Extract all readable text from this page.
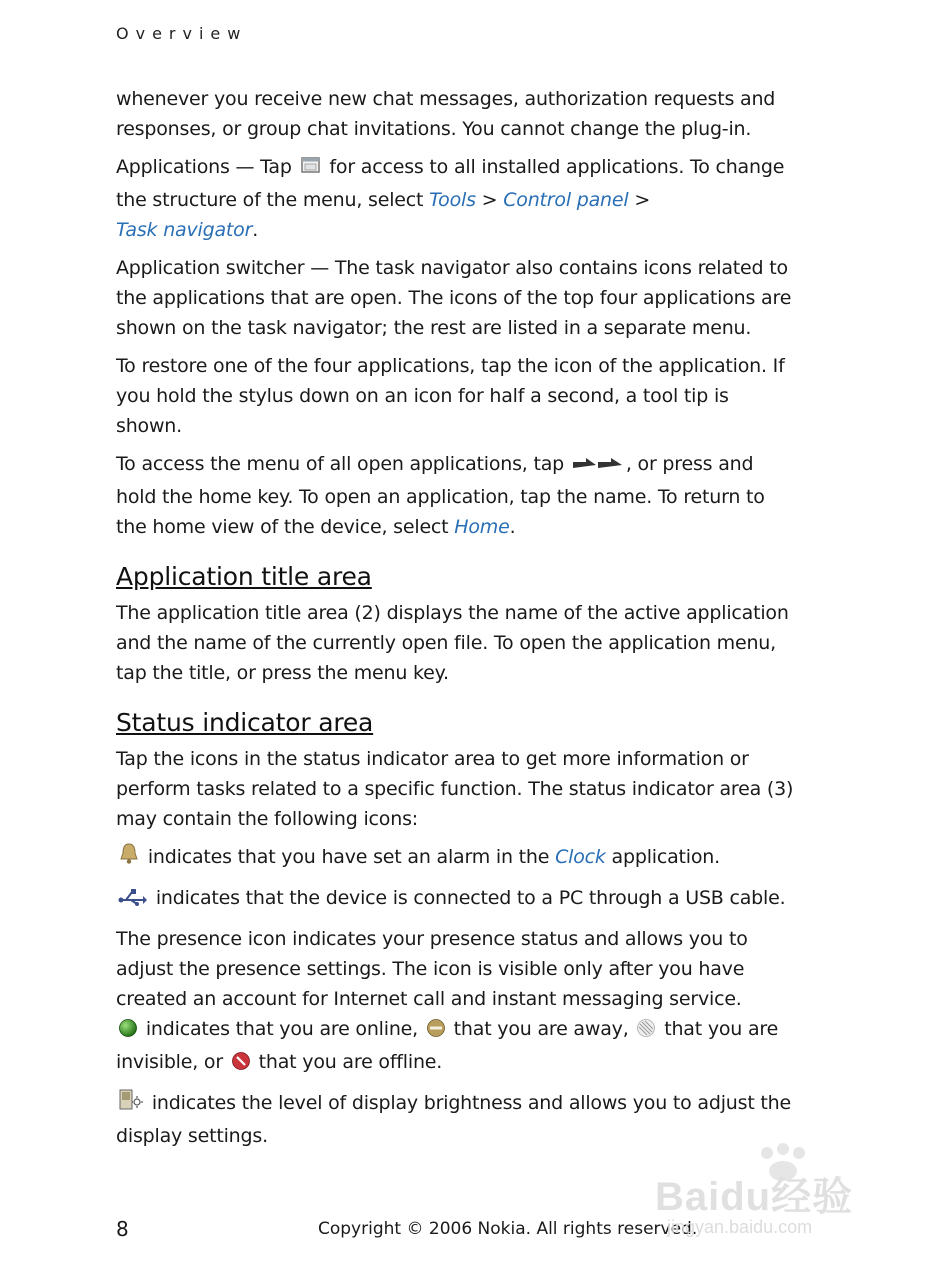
Overview

whenever you receive new chat messages, authorization requests and responses, or group chat invitations. You cannot change the plug-in.

Applications — Tap  for access to all installed applications. To change the structure of the menu, select Tools > Control panel >
Task navigator.

Application switcher — The task navigator also contains icons related to the applications that are open. The icons of the top four applications are shown on the task navigator; the rest are listed in a separate menu.

To restore one of the four applications, tap the icon of the application. If you hold the stylus down on an icon for half a second, a tool tip is shown.

To access the menu of all open applications, tap	, or press and hold the home key. To open an application, tap the name. To return to the home view of the device, select Home.

Application title area

The application title area (2) displays the name of the active application and the name of the currently open file. To open the application menu, tap the title, or press the menu key.

Status indicator area

Tap the icons in the status indicator area to get more information or perform tasks related to a specific function. The status indicator area (3) may contain the following icons:

indicates that you have set an alarm in the Clock application.

indicates that the device is connected to a PC through a USB cable.

The presence icon indicates your presence status and allows you to adjust the presence settings. The icon is visible only after you have created an account for Internet call and instant messaging service.
indicates that you are online,  that you are away,  that you are invisible, or  that you are offline.

indicates the level of display brightness and allows you to adjust the display settings.

8	Copyright © 2006 Nokia. All rights reserved.
Baidu经验
jingyan.baidu.com
